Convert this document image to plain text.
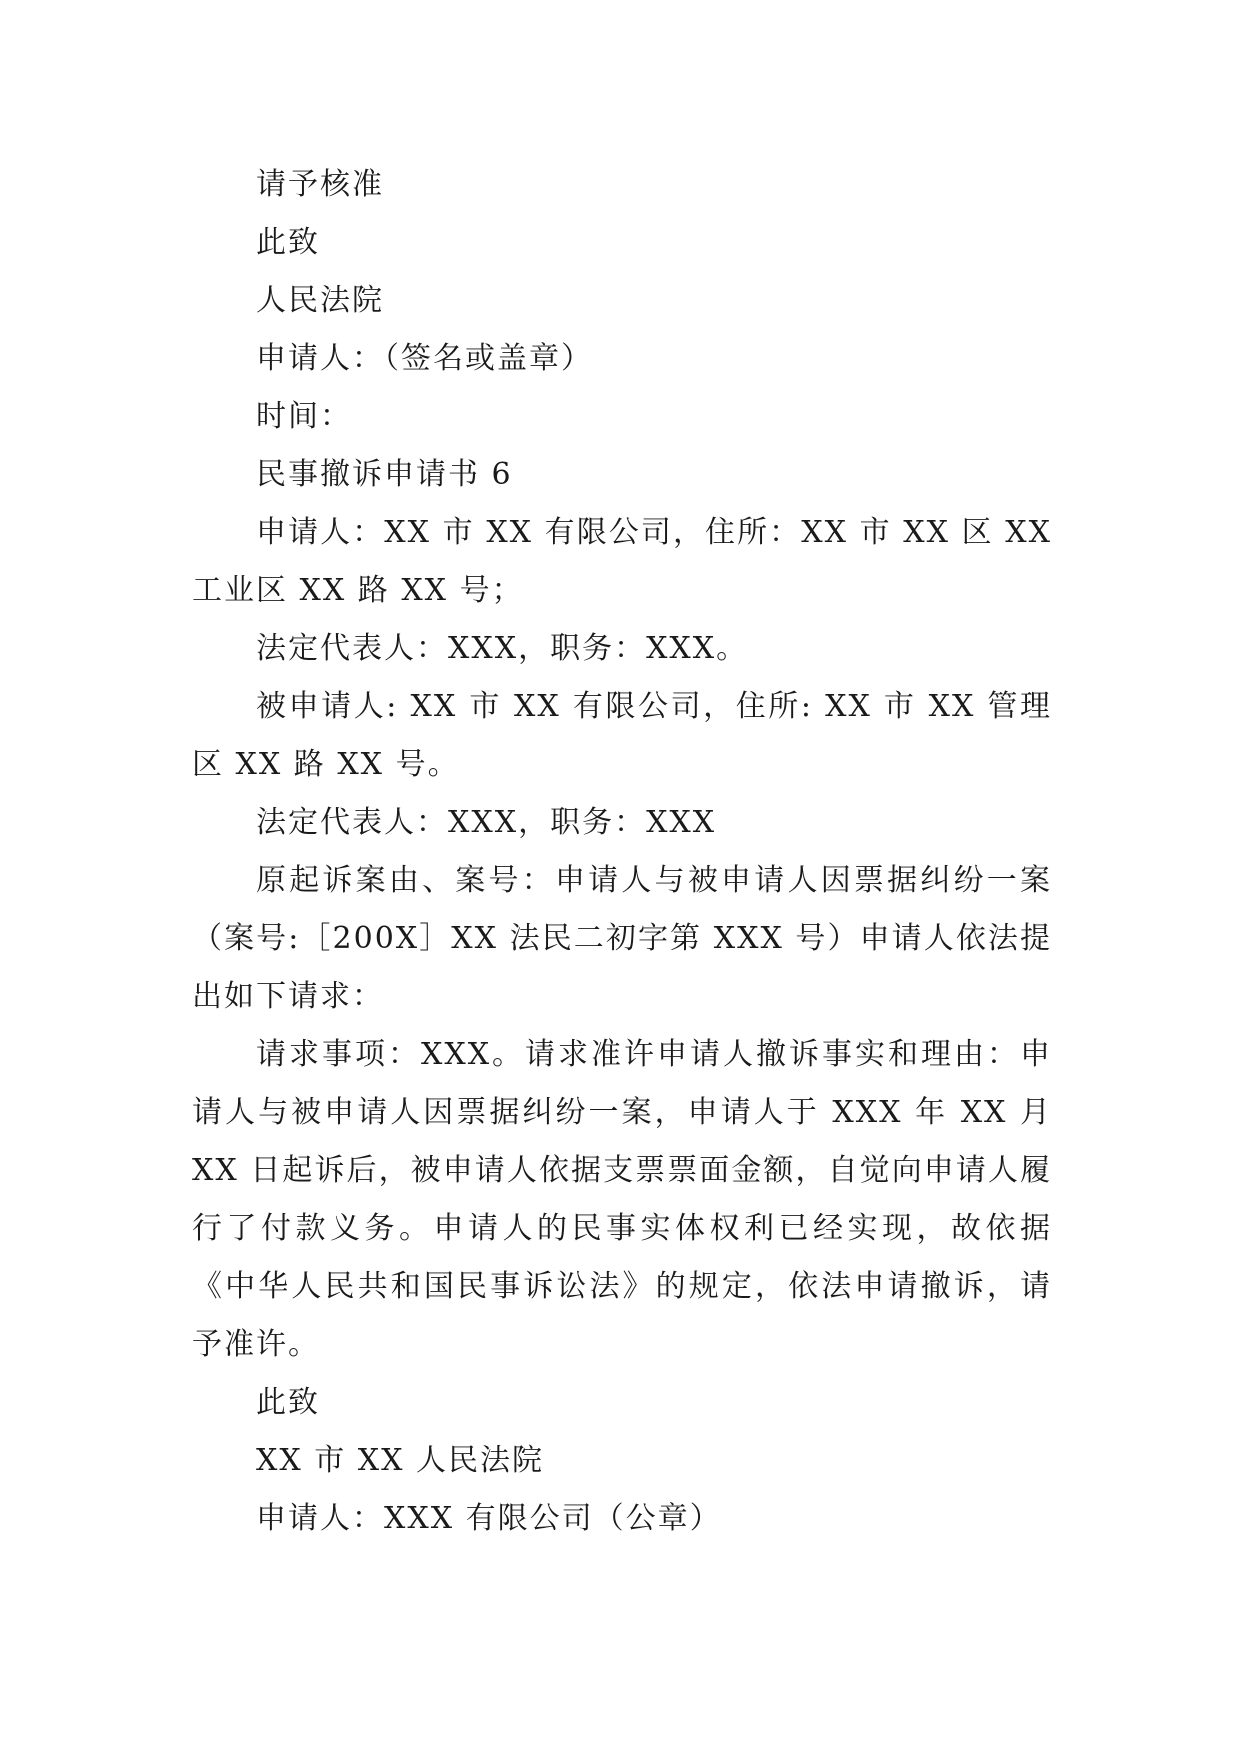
请予核准
此致
人民法院
申请人：（签名或盖章）
时间：
民事撤诉申请书 6
申请人：XX 市 XX 有限公司，住所：XX 市 XX 区 XX 工业区 XX 路 XX 号；
法定代表人：XXX，职务：XXX。
被申请人: XX 市 XX 有限公司，住所: XX 市 XX 管理区 XX 路 XX 号。
法定代表人：XXX，职务：XXX
原起诉案由、案号：申请人与被申请人因票据纠纷一案（案号:［200X］XX 法民二初字第 XXX 号）申请人依法提出如下请求：
请求事项：XXX。请求准许申请人撤诉事实和理由：申请人与被申请人因票据纠纷一案，申请人于 XXX 年 XX 月 XX 日起诉后，被申请人依据支票票面金额，自觉向申请人履行了付款义务。申请人的民事实体权利已经实现，故依据《中华人民共和国民事诉讼法》的规定，依法申请撤诉，请予准许。
此致
XX 市 XX 人民法院
申请人：XXX 有限公司（公章）
